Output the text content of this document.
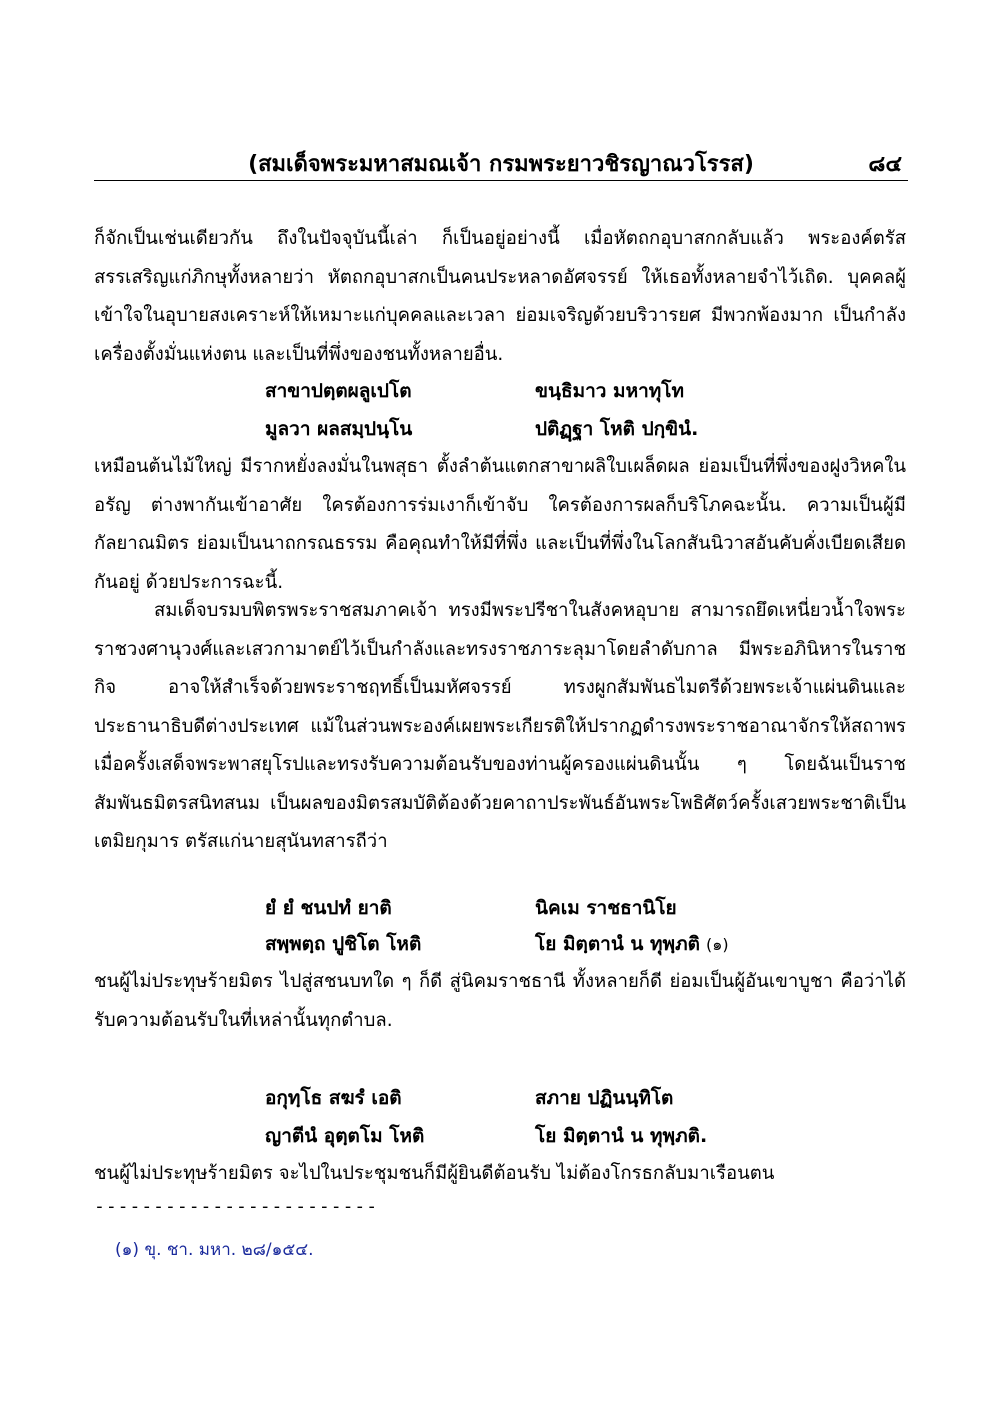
(สมเด็จพระมหาสมณเจ้า กรมพระยาวชิรญาณวโรรส)	๘๔

ก็จักเป็นเช่นเดียวกัน ถึงในปัจจุบันนี้เล่า ก็เป็นอยู่อย่างนี้ เมื่อหัตถกอุบาสกกลับแล้ว พระองค์ตรัสสรรเสริญแก่ภิกษุทั้งหลายว่า หัตถกอุบาสกเป็นคนประหลาดอัศจรรย์ ให้เธอทั้งหลายจำไว้เถิด. บุคคลผู้เข้าใจในอุบายสงเคราะห์ให้เหมาะแก่บุคคลและเวลา ย่อมเจริญด้วยบริวารยศ มีพวกพ้องมาก เป็นกำลังเครื่องตั้งมั่นแห่งตน และเป็นที่พึ่งของชนทั้งหลายอื่น.

สาขาปตฺตผลูเปโต	ขนฺธิมาว มหาทุโท
มูลวา ผลสมฺปนฺโน	ปติฏฺฐา โหติ ปกฺขินํ.

เหมือนต้นไม้ใหญ่ มีรากหยั่งลงมั่นในพสุธา ตั้งลำต้นแตกสาขาผลิใบเผล็ดผล ย่อมเป็นที่พึ่งของฝูงวิหคในอรัญ ต่างพากันเข้าอาศัย ใครต้องการร่มเงาก็เข้าจับ ใครต้องการผลก็บริโภคฉะนั้น. ความเป็นผู้มีกัลยาณมิตร ย่อมเป็นนาถกรณธรรม คือคุณทำให้มีที่พึ่ง และเป็นที่พึ่งในโลกสันนิวาสอันคับคั่งเบียดเสียดกันอยู่ ด้วยประการฉะนี้.

สมเด็จบรมบพิตรพระราชสมภาคเจ้า ทรงมีพระปรีชาในสังคหอุบาย สามารถยึดเหนี่ยวน้ำใจพระราชวงศานุวงศ์และเสวกามาตย์ไว้เป็นกำลังและทรงราชภาระลุมาโดยลำดับกาล มีพระอภินิหารในราชกิจ อาจให้สำเร็จด้วยพระราชฤทธิ์เป็นมหัศจรรย์ ทรงผูกสัมพันธไมตรีด้วยพระเจ้าแผ่นดินและประธานาธิบดีต่างประเทศ แม้ในส่วนพระองค์เผยพระเกียรติให้ปรากฏดำรงพระราชอาณาจักรให้สถาพร เมื่อครั้งเสด็จพระพาสยุโรปและทรงรับความต้อนรับของท่านผู้ครองแผ่นดินนั้น ๆ โดยฉันเป็นราชสัมพันธมิตรสนิทสนม เป็นผลของมิตรสมบัติต้องด้วยคาถาประพันธ์อันพระโพธิศัตว์ครั้งเสวยพระชาติเป็นเตมิยกุมาร ตรัสแก่นายสุนันทสารถีว่า

ยํ ยํ ชนปทํ ยาติ	นิคเม ราชธานิโย
สพฺพตฺถ ปูชิโต โหติ	โย มิตฺตานํ น ทุพฺภติ (๑)

ชนผู้ไม่ประทุษร้ายมิตร ไปสู่สชนบทใด ๆ ก็ดี สู่นิคมราชธานี ทั้งหลายก็ดี ย่อมเป็นผู้อันเขาบูชา คือว่าได้รับความต้อนรับในที่เหล่านั้นทุกตำบล.

อกุทฺโธ สฆรํ เอติ	สภาย ปฏินนฺทิโต
ญาตีนํ อุตฺตโม โหติ	โย มิตฺตานํ น ทุพฺภติ.

ชนผู้ไม่ประทุษร้ายมิตร จะไปในประชุมชนก็มีผู้ยินดีต้อนรับ ไม่ต้องโกรธกลับมาเรือนตน

------------------------
(๑) ขุ. ชา. มหา. ๒๘/๑๕๔.
